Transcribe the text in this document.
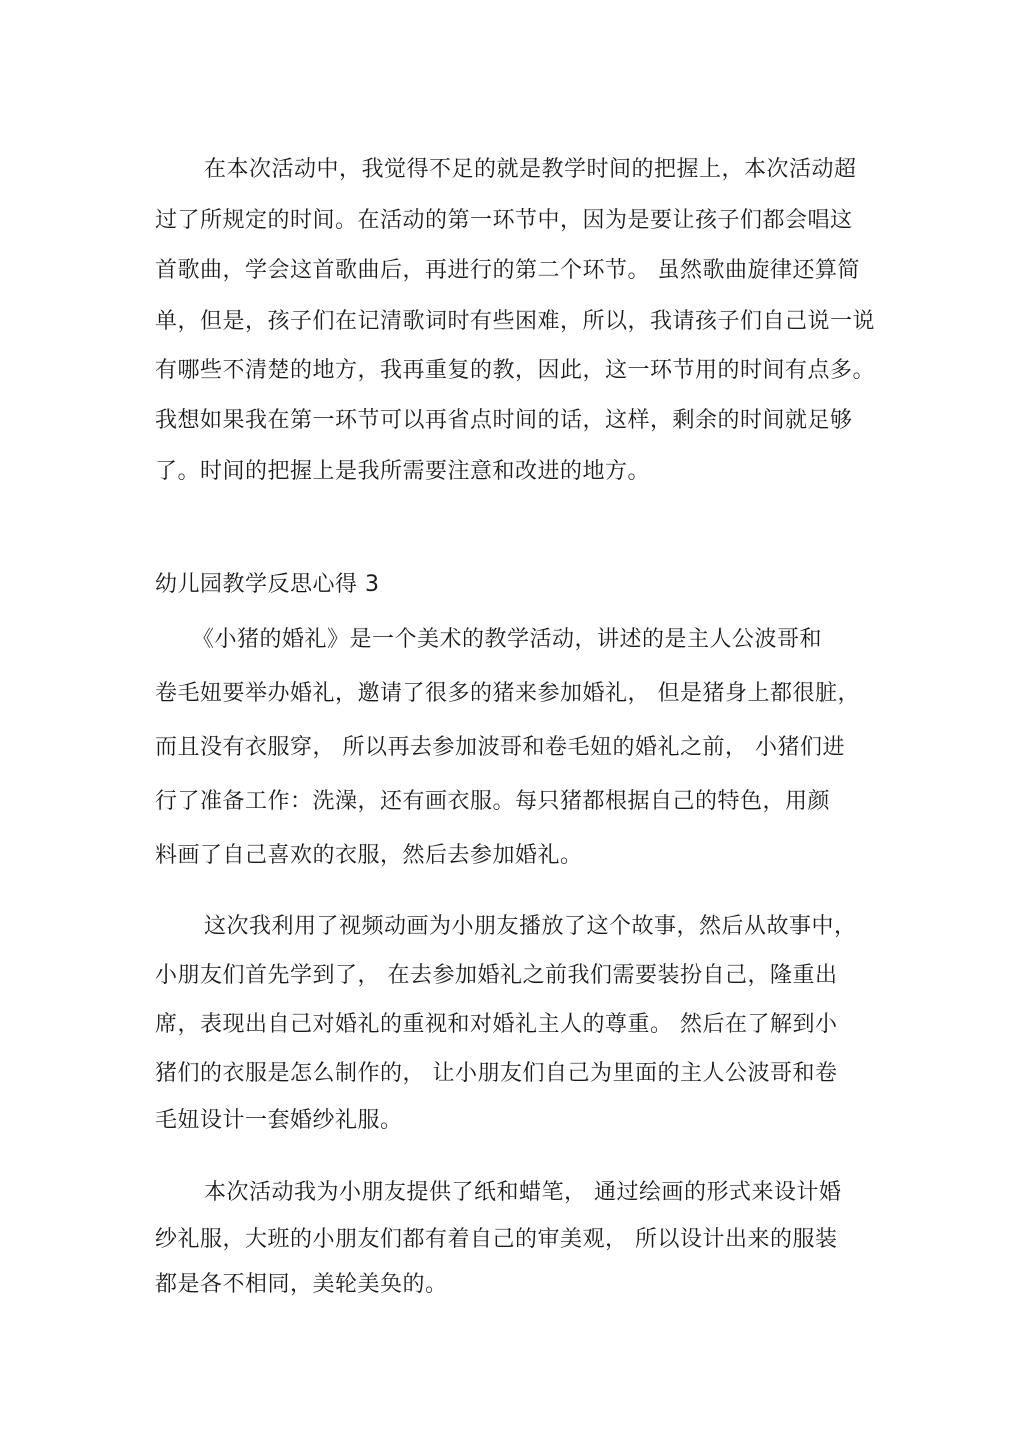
在本次活动中，我觉得不足的就是教学时间的把握上，本次活动超
过了所规定的时间。在活动的第一环节中，因为是要让孩子们都会唱这
首歌曲，学会这首歌曲后，再进行的第二个环节。 虽然歌曲旋律还算简
单，但是，孩子们在记清歌词时有些困难，所以，我请孩子们自己说一说
有哪些不清楚的地方，我再重复的教，因此，这一环节用的时间有点多。
我想如果我在第一环节可以再省点时间的话，这样，剩余的时间就足够
了。时间的把握上是我所需要注意和改进的地方。
幼儿园教学反思心得 3
《小猪的婚礼》是一个美术的教学活动，讲述的是主人公波哥和
卷毛妞要举办婚礼，邀请了很多的猪来参加婚礼， 但是猪身上都很脏，
而且没有衣服穿， 所以再去参加波哥和卷毛妞的婚礼之前， 小猪们进
行了准备工作：洗澡，还有画衣服。每只猪都根据自己的特色，用颜
料画了自己喜欢的衣服，然后去参加婚礼。
这次我利用了视频动画为小朋友播放了这个故事，然后从故事中，
小朋友们首先学到了， 在去参加婚礼之前我们需要装扮自己，隆重出
席，表现出自己对婚礼的重视和对婚礼主人的尊重。 然后在了解到小
猪们的衣服是怎么制作的， 让小朋友们自己为里面的主人公波哥和卷
毛妞设计一套婚纱礼服。
本次活动我为小朋友提供了纸和蜡笔， 通过绘画的形式来设计婚
纱礼服，大班的小朋友们都有着自己的审美观， 所以设计出来的服装
都是各不相同，美轮美奂的。
